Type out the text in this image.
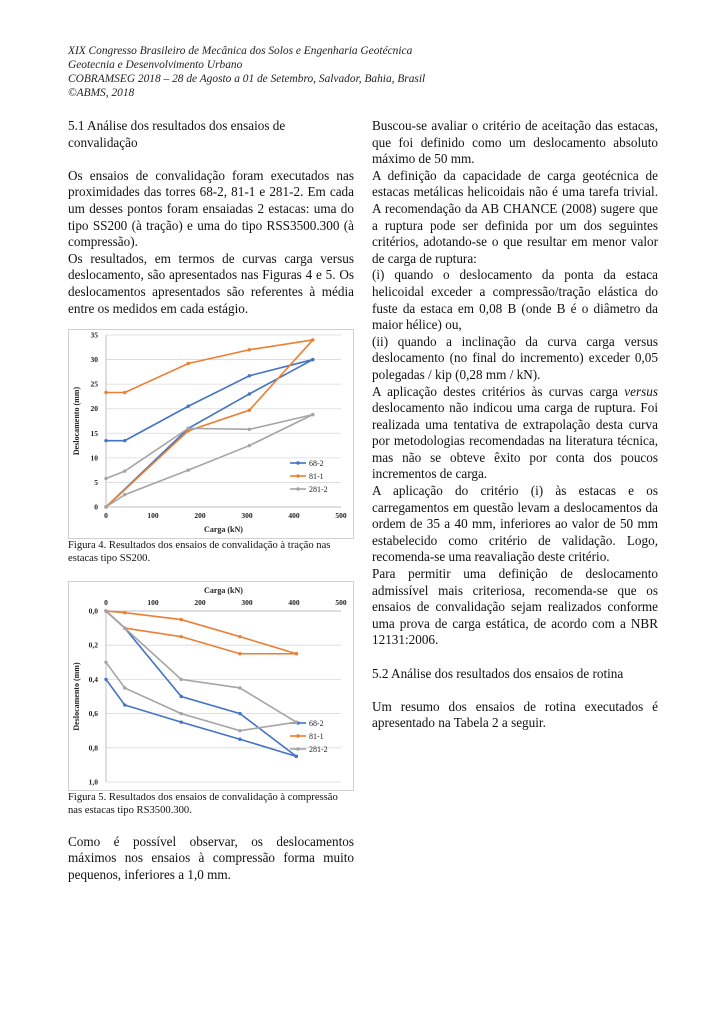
XIX Congresso Brasileiro de Mecânica dos Solos e Engenharia Geotécnica
Geotecnia e Desenvolvimento Urbano
COBRAMSEG 2018 – 28 de Agosto a 01 de Setembro, Salvador, Bahia, Brasil
©ABMS, 2018

5.1 Análise dos resultados dos ensaios de convalidação

Os ensaios de convalidação foram executados nas proximidades das torres 68-2, 81-1 e 281-2. Em cada um desses pontos foram ensaiadas 2 estacas: uma do tipo SS200 (à tração) e uma do tipo RSS3500.300 (à compressão).

Os resultados, em termos de curvas carga versus deslocamento, são apresentados nas Figuras 4 e 5. Os deslocamentos apresentados são referentes à média entre os medidos em cada estágio.

0
5
10
15
20
25
30
35
0	100	200	300	400	500
Carga (kN)
Deslocamento (mm)
68-2
81-1
281-2

Figura 4. Resultados dos ensaios de convalidação à tração nas estacas tipo SS200.

0,0
0,2
0,4
0,6
0,8
1,0
0	100	200	300	400	500
Carga (kN)
Deslocamento (mm)	68-2
81-1
281-2

Figura 5. Resultados dos ensaios de convalidação à compressão nas estacas tipo RS3500.300.

Como é possível observar, os deslocamentos máximos nos ensaios à compressão forma muito pequenos, inferiores a 1,0 mm.

Buscou-se avaliar o critério de aceitação das estacas, que foi definido como um deslocamento absoluto máximo de 50 mm.

A definição da capacidade de carga geotécnica de estacas metálicas helicoidais não é uma tarefa trivial. A recomendação da AB CHANCE (2008) sugere que a ruptura pode ser definida por um dos seguintes critérios, adotando-se o que resultar em menor valor de carga de ruptura:

(i) quando o deslocamento da ponta da estaca helicoidal exceder a compressão/tração elástica do fuste da estaca em 0,08 B (onde B é o diâmetro da maior hélice) ou,

(ii) quando a inclinação da curva carga versus deslocamento (no final do incremento) exceder 0,05 polegadas / kip (0,28 mm / kN).

A aplicação destes critérios às curvas carga versus deslocamento não indicou uma carga de ruptura. Foi realizada uma tentativa de extrapolação desta curva por metodologias recomendadas na literatura técnica, mas não se obteve êxito por conta dos poucos incrementos de carga.

A aplicação do critério (i) às estacas e os carregamentos em questão levam a deslocamentos da ordem de 35 a 40 mm, inferiores ao valor de 50 mm estabelecido como critério de validação. Logo, recomenda-se uma reavaliação deste critério.

Para permitir uma definição de deslocamento admissível mais criteriosa, recomenda-se que os ensaios de convalidação sejam realizados conforme uma prova de carga estática, de acordo com a NBR 12131:2006.

5.2 Análise dos resultados dos ensaios de rotina

Um resumo dos ensaios de rotina executados é apresentado na Tabela 2 a seguir.
